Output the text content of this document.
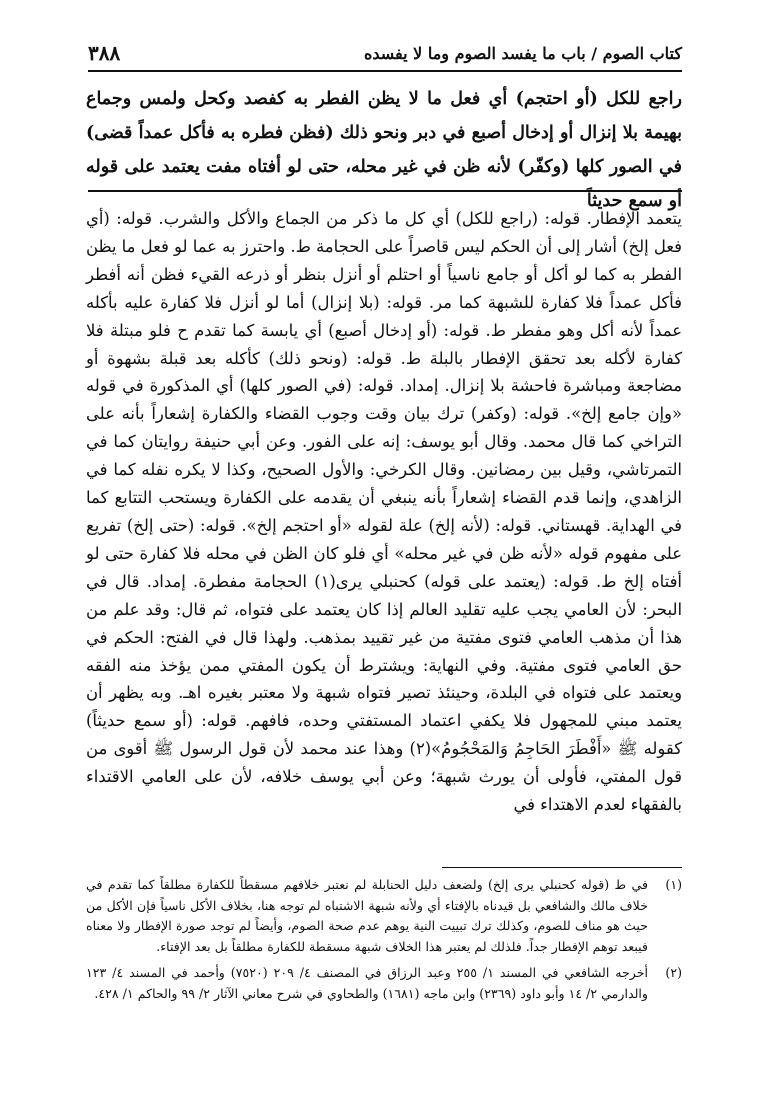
كتاب الصوم / باب ما يفسد الصوم وما لا يفسده
٣٨٨
راجع للكل (أو احتجم) أي فعل ما لا يظن الفطر به كفصد وكحل ولمس وجماع بهيمة بلا إنزال أو إدخال أصبع في دبر ونحو ذلك (فظن فطره به فأكل عمداً قضى) في الصور كلها (وكفّر) لأنه ظن في غير محله، حتى لو أفتاه مفت يعتمد على قوله أو سمع حديثاً

يتعمد الإفطار. قوله: (راجع للكل) أي كل ما ذكر من الجماع والأكل والشرب. قوله: (أي فعل إلخ) أشار إلى أن الحكم ليس قاصراً على الحجامة ط. واحترز به عما لو فعل ما يظن الفطر به كما لو أكل أو جامع ناسياً أو احتلم أو أنزل بنظر أو ذرعه القيء فظن أنه أفطر فأكل عمداً فلا كفارة للشبهة كما مر. قوله: (بلا إنزال) أما لو أنزل فلا كفارة عليه بأكله عمداً لأنه أكل وهو مفطر ط. قوله: (أو إدخال أصبع) أي يابسة كما تقدم ح فلو مبتلة فلا كفارة لأكله بعد تحقق الإفطار بالبلة ط. قوله: (ونحو ذلك) كأكله بعد قبلة بشهوة أو مضاجعة ومباشرة فاحشة بلا إنزال. إمداد. قوله: (في الصور كلها) أي المذكورة في قوله «وإن جامع إلخ». قوله: (وكفر) ترك بيان وقت وجوب القضاء والكفارة إشعاراً بأنه على التراخي كما قال محمد. وقال أبو يوسف: إنه على الفور. وعن أبي حنيفة روايتان كما في التمرتاشي، وقيل بين رمضانين. وقال الكرخي: والأول الصحيح، وكذا لا يكره نفله كما في الزاهدي، وإنما قدم القضاء إشعاراً بأنه ينبغي أن يقدمه على الكفارة ويستحب التتابع كما في الهداية. قهستاني. قوله: (لأنه إلخ) علة لقوله «أو احتجم إلخ». قوله: (حتى إلخ) تفريع على مفهوم قوله «لأنه ظن في غير محله» أي فلو كان الظن في محله فلا كفارة حتى لو أفتاه إلخ ط. قوله: (يعتمد على قوله) كحنبلي يرى(١) الحجامة مفطرة. إمداد. قال في البحر: لأن العامي يجب عليه تقليد العالم إذا كان يعتمد على فتواه، ثم قال: وقد علم من هذا أن مذهب العامي فتوى مفتية من غير تقييد بمذهب. ولهذا قال في الفتح: الحكم في حق العامي فتوى مفتية. وفي النهاية: ويشترط أن يكون المفتي ممن يؤخذ منه الفقه ويعتمد على فتواه في البلدة، وحينئذ تصير فتواه شبهة ولا معتبر بغيره اهـ. وبه يظهر أن يعتمد مبني للمجهول فلا يكفي اعتماد المستفتي وحده، فافهم. قوله: (أو سمع حديثاً) كقوله ﷺ «أَفْطَرَ الحَاجِمُ وَالمَحْجُومُ»(٢) وهذا عند محمد لأن قول الرسول ﷺ أقوى من قول المفتي، فأولى أن يورث شبهة؛ وعن أبي يوسف خلافه، لأن على العامي الاقتداء بالفقهاء لعدم الاهتداء في

(١)
في ط (قوله كحنبلي يرى إلخ) ولضعف دليل الحنابلة لم نعتبر خلافهم مسقطاً للكفارة مطلقاً كما تقدم في خلاف مالك والشافعي بل قيدناه بالإفتاء أي ولأنه شبهة الاشتباه لم توجه هنا، بخلاف الأكل ناسياً فإن الأكل من حيث هو مناف للصوم، وكذلك ترك تبييت النية يوهم عدم صحة الصوم، وأيضاً لم توجد صورة الإفطار ولا معناه فيبعد توهم الإفطار جداً. فلذلك لم يعتبر هذا الخلاف شبهة مسقطة للكفارة مطلقاً بل بعد الإفتاء.
(٢)
أخرجه الشافعي في المسند ١/ ٢٥٥ وعبد الرزاق في المصنف ٤/ ٢٠٩ (٧٥٢٠) وأحمد في المسند ٤/ ١٢٣ والدارمي ٢/ ١٤ وأبو داود (٢٣٦٩) وابن ماجه (١٦٨١) والطحاوي في شرح معاني الآثار ٢/ ٩٩ والحاكم ١/ ٤٢٨.
